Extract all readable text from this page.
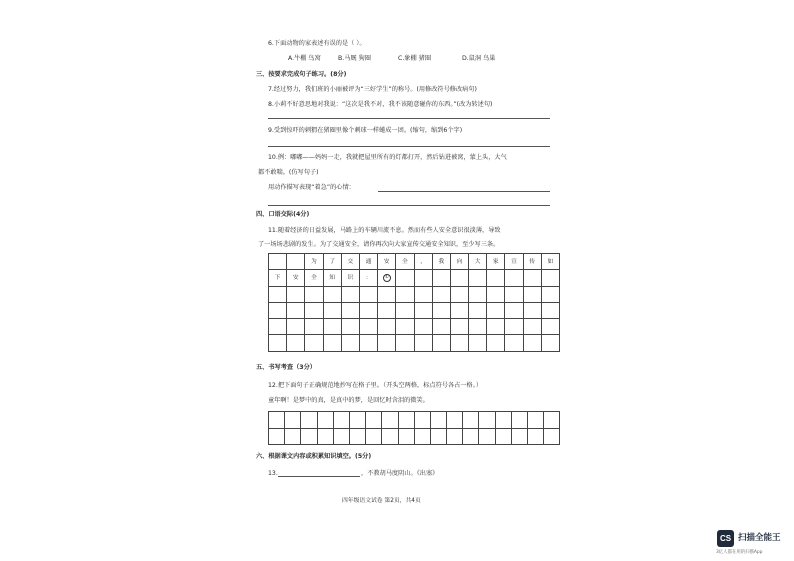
6.下面动物的家表述有误的是（ ）。
A.牛棚 鸟窝	B.马厩 狗圈	C.象棚 猪圈	D.鼠洞 鸟巢
三、按要求完成句子练习。(8分)
7.经过努力，我们班的小丽被评为“三好学生”的称号。(用修改符号修改病句)
8.小莉不好意思地对我说：“这次是我不对，我不该随意碰你的东西。”(改为转述句)
9.受到惊吓的刺猬在猪圈里像个刺球一样蜷成一团。(缩句，缩到6个字)
10.例：嘟嘟——妈妈一走，我就把屋里所有的灯都打开，然后钻进被窝，蒙上头，大气
都不敢喘。(仿写句子)
用动作描写表现“着急”的心情：
四、口语交际(4分)
11.随着经济的日益发展，马路上的车辆川流不息。然而有些人安全意识很淡薄，导致
了一场场悲剧的发生。为了交通安全，请你再次向大家宣传交通安全知识，至少写三条。
		为	了	交	通	安	全	，	我	向	大	家	宣	传	如
下	安	全	知	识	：	①									

五、书写考查（3分）
12.把下面句子正确规范地抄写在格子里。（开头空两格，标点符号各占一格。）
童年啊！是梦中的真，是真中的梦，是回忆时含泪的微笑。

六、根据课文内容或积累知识填空。(5分)
13.	，不教胡马度阴山。《出塞》
四年级语文试卷 第2页，共4页
CS 扫描全能王
3亿人都在用的扫描App
